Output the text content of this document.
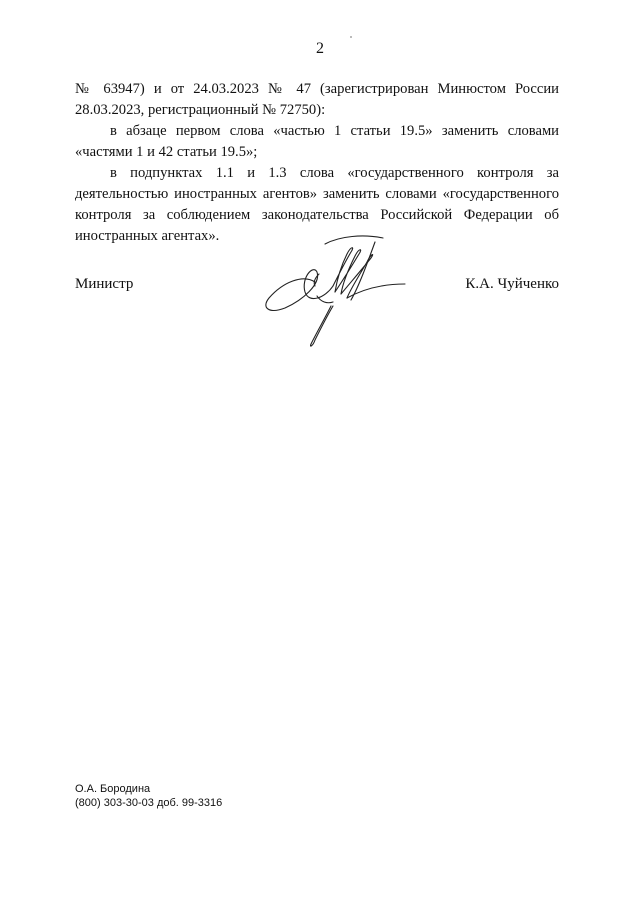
2

№ 63947) и от 24.03.2023 № 47 (зарегистрирован Минюстом России 28.03.2023, регистрационный № 72750):

в абзаце первом слова «частью 1 статьи 19.5» заменить словами «частями 1 и 42 статьи 19.5»;

в подпунктах 1.1 и 1.3 слова «государственного контроля за деятельностью иностранных агентов» заменить словами «государственного контроля за соблюдением законодательства Российской Федерации об иностранных агентах».

Министр	К.А. Чуйченко
О.А. Бородина
(800) 303-30-03 доб. 99-3316
